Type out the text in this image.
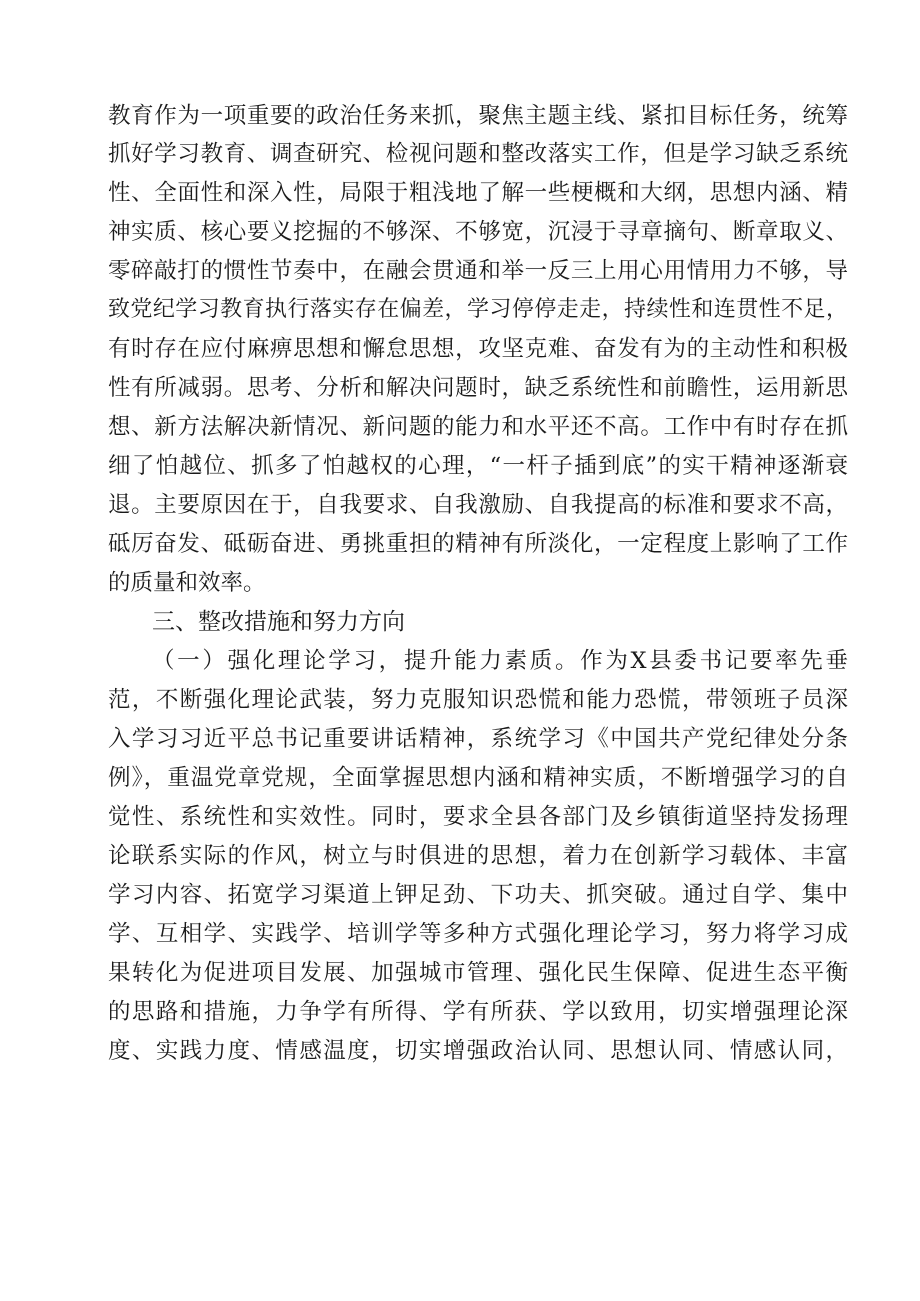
教育作为一项重要的政治任务来抓，聚焦主题主线、紧扣目标任务，统筹
抓好学习教育、调查研究、检视问题和整改落实工作，但是学习缺乏系统
性、全面性和深入性，局限于粗浅地了解一些梗概和大纲，思想内涵、精
神实质、核心要义挖掘的不够深、不够宽，沉浸于寻章摘句、断章取义、
零碎敲打的惯性节奏中，在融会贯通和举一反三上用心用情用力不够，导
致党纪学习教育执行落实存在偏差，学习停停走走，持续性和连贯性不足，
有时存在应付麻痹思想和懈怠思想，攻坚克难、奋发有为的主动性和积极
性有所减弱。思考、分析和解决问题时，缺乏系统性和前瞻性，运用新思
想、新方法解决新情况、新问题的能力和水平还不高。工作中有时存在抓
细了怕越位、抓多了怕越权的心理，“一杆子插到底”的实干精神逐渐衰
退。主要原因在于，自我要求、自我激励、自我提高的标准和要求不高，
砥厉奋发、砥砺奋进、勇挑重担的精神有所淡化，一定程度上影响了工作
的质量和效率。
三、整改措施和努力方向
（一）强化理论学习，提升能力素质。作为X县委书记要率先垂
范，不断强化理论武装，努力克服知识恐慌和能力恐慌，带领班子员深
入学习习近平总书记重要讲话精神，系统学习《中国共产党纪律处分条
例》，重温党章党规，全面掌握思想内涵和精神实质，不断增强学习的自
觉性、系统性和实效性。同时，要求全县各部门及乡镇街道坚持发扬理
论联系实际的作风，树立与时俱进的思想，着力在创新学习载体、丰富
学习内容、拓宽学习渠道上钾足劲、下功夫、抓突破。通过自学、集中
学、互相学、实践学、培训学等多种方式强化理论学习，努力将学习成
果转化为促进项目发展、加强城市管理、强化民生保障、促进生态平衡
的思路和措施，力争学有所得、学有所获、学以致用，切实增强理论深
度、实践力度、情感温度，切实增强政治认同、思想认同、情感认同，
